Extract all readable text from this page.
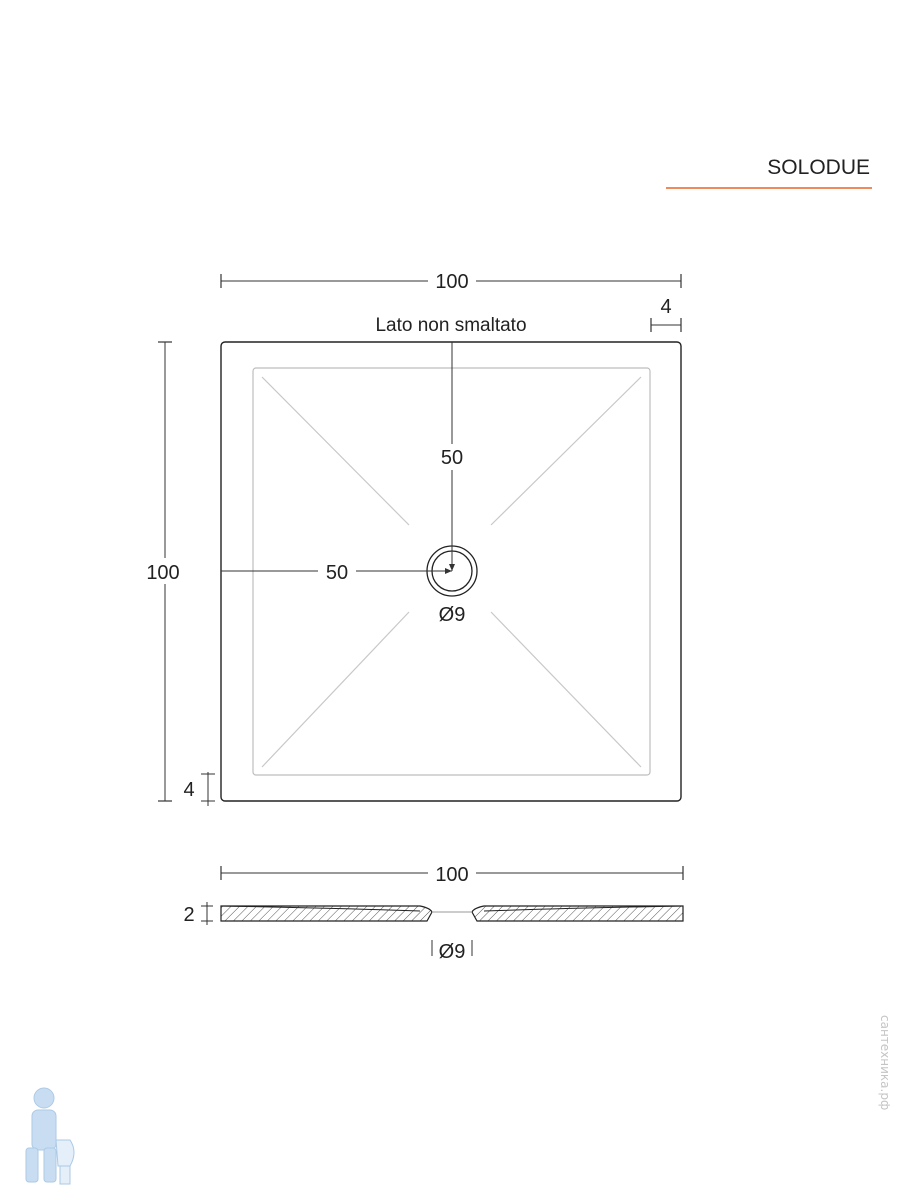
SOLODUE
100
4
Lato non smaltato
100
4
50
50
Ø9
100
2
Ø9
сантехника.рф
